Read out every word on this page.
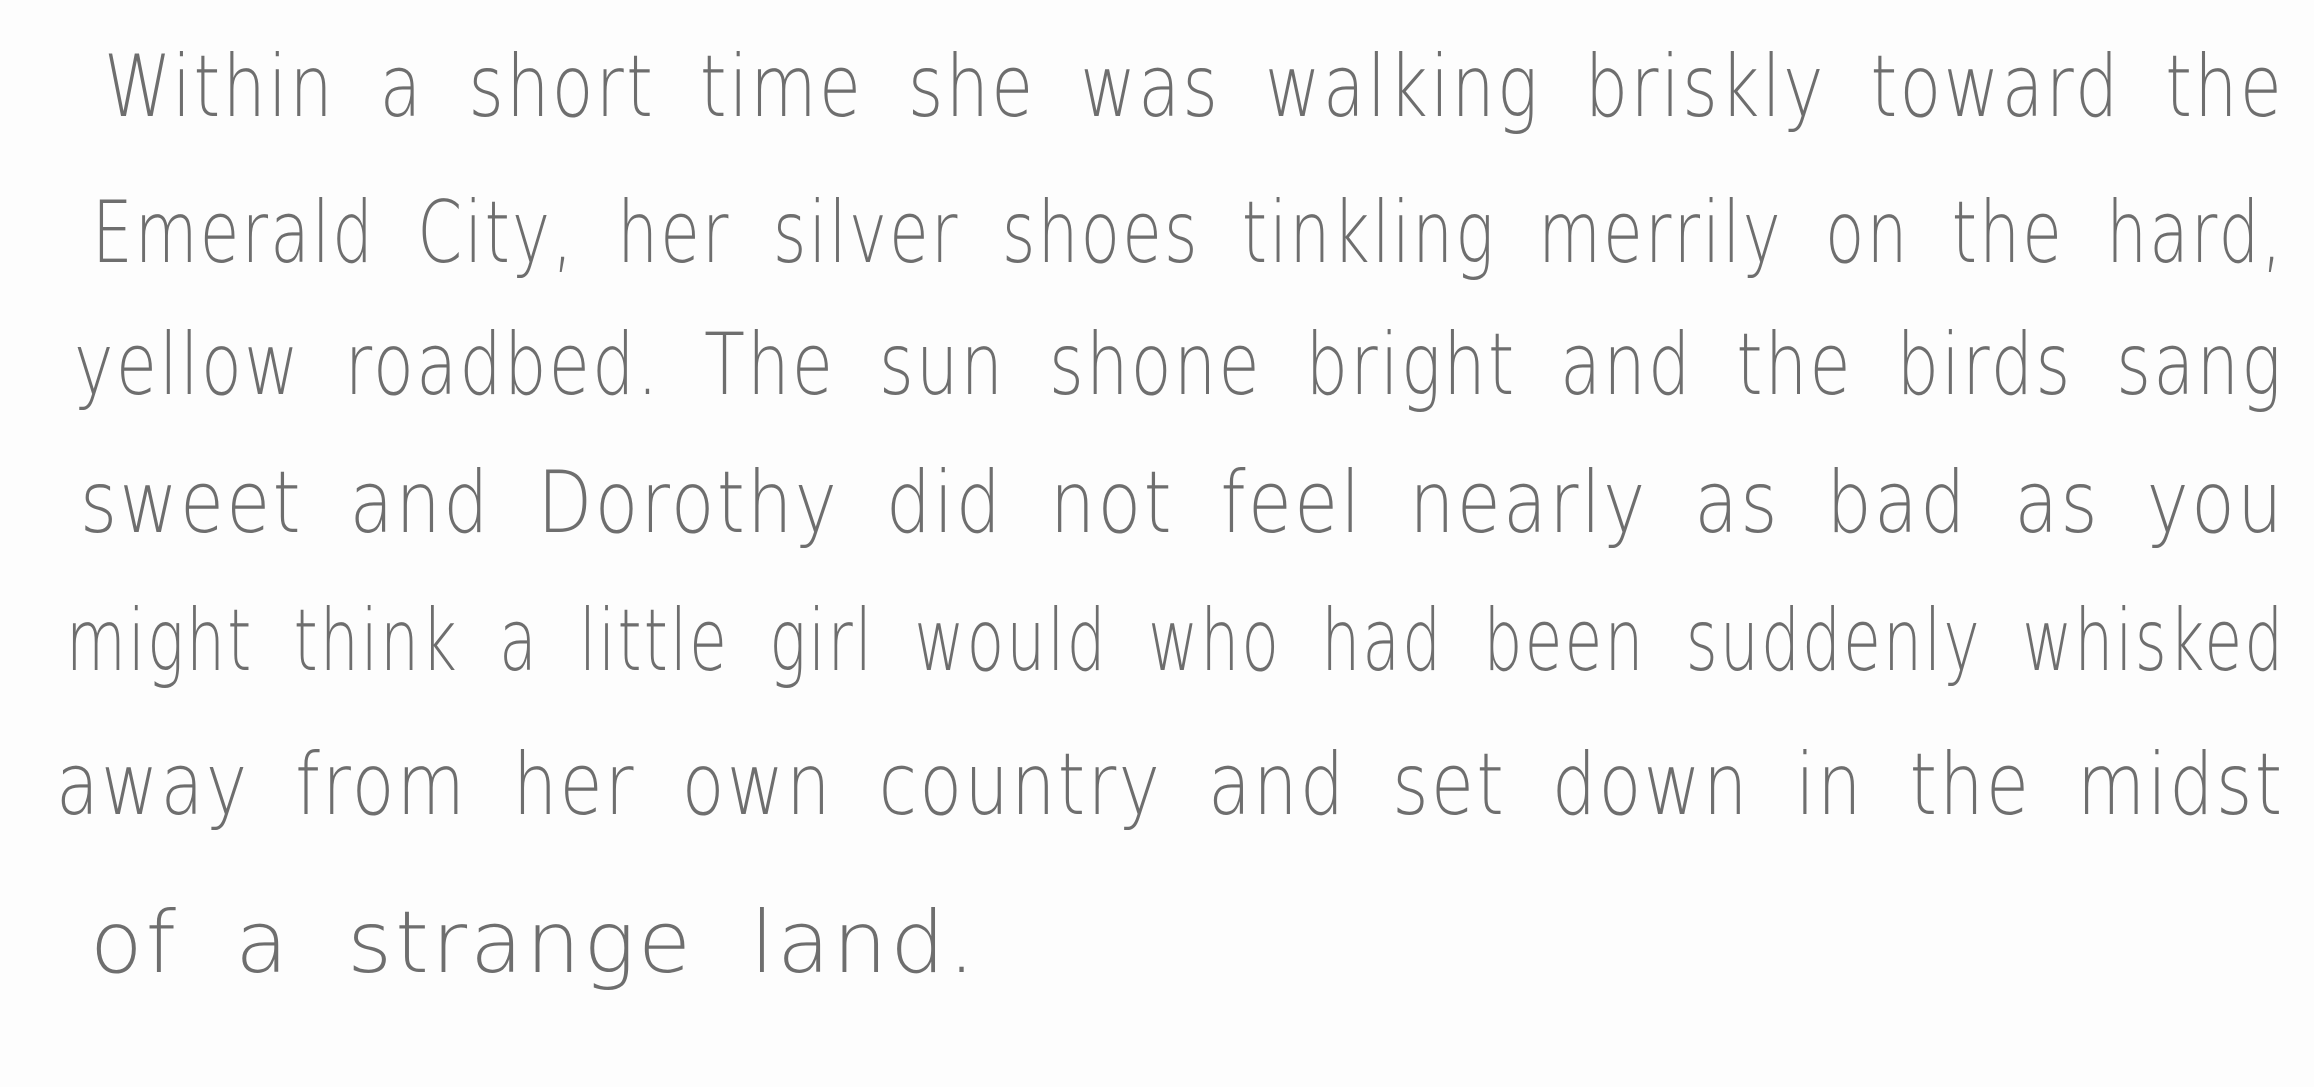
Within a short time she was walking briskly toward the
Emerald City, her silver shoes tinkling merrily on the hard,
yellow roadbed. The sun shone bright and the birds sang
sweet and Dorothy did not feel nearly as bad as you
might think a little girl would who had been suddenly whisked
away from her own country and set down in the midst
of a strange land.
